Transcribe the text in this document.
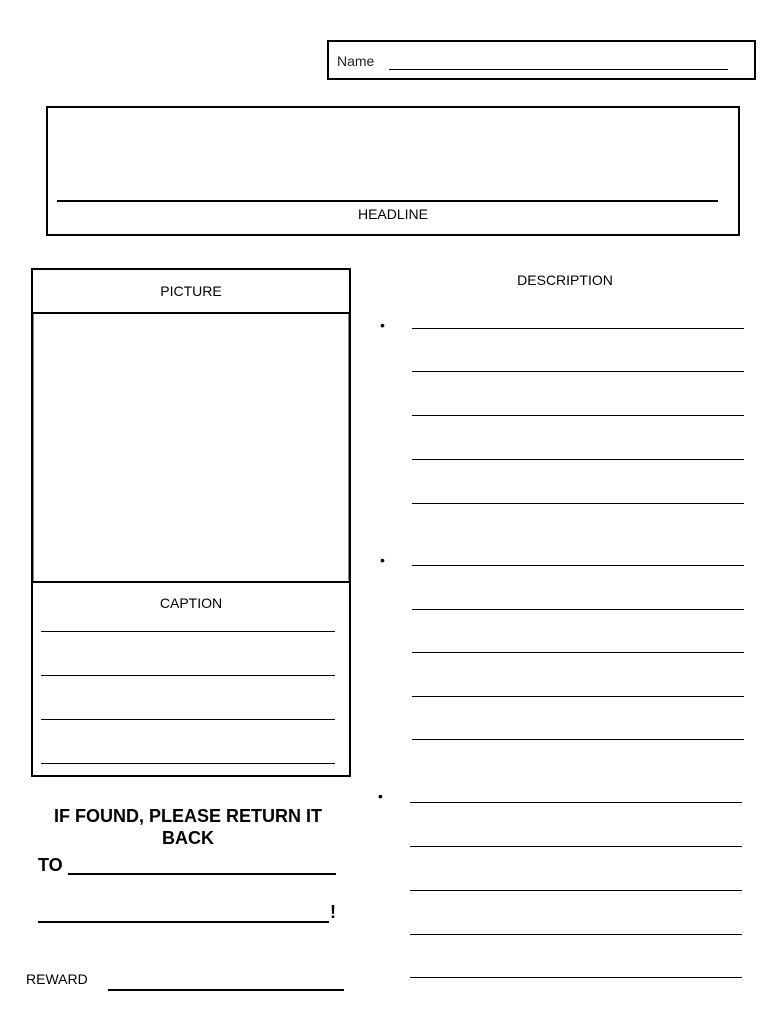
Name
HEADLINE
PICTURE
CAPTION
DESCRIPTION
•
•
•
IF FOUND, PLEASE RETURN IT BACK
TO
!
REWARD
